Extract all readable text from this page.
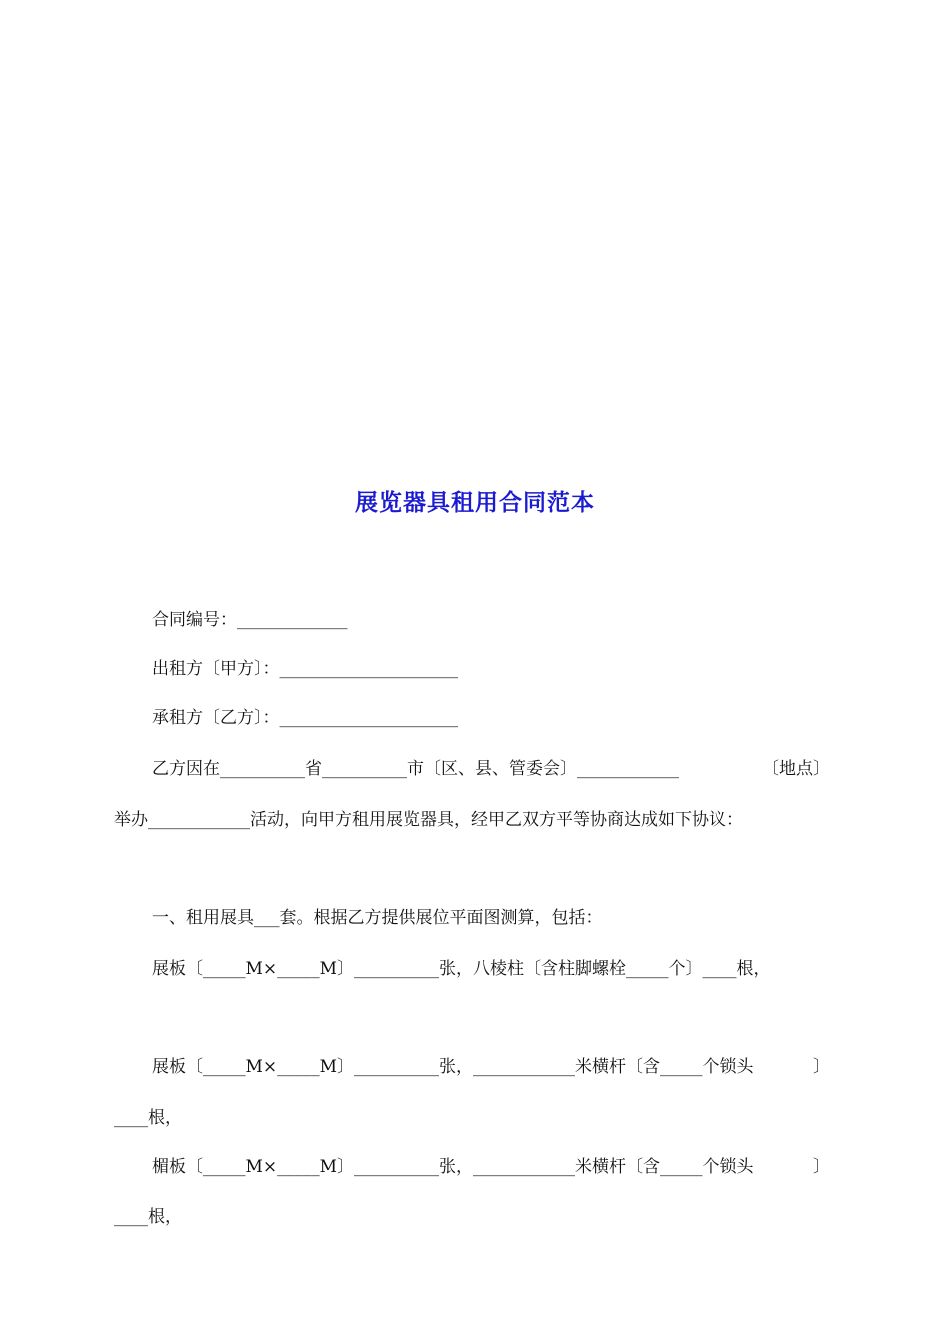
展览器具租用合同范本
合同编号：_____________
出租方〔甲方〕：_____________________
承租方〔乙方〕：_____________________
乙方因在__________省__________市〔区、县、管委会〕____________	〔地点〕
举办____________活动，向甲方租用展览器具，经甲乙双方平等协商达成如下协议：
一、租用展具___套。根据乙方提供展位平面图测算，包括：
展板〔_____M×_____M〕__________张，八棱柱〔含柱脚螺栓_____个〕____根，
展板〔_____M×_____M〕__________张，____________米横杆〔含_____个锁头	〕
____根，
楣板〔_____M×_____M〕__________张，____________米横杆〔含_____个锁头	〕
____根，
